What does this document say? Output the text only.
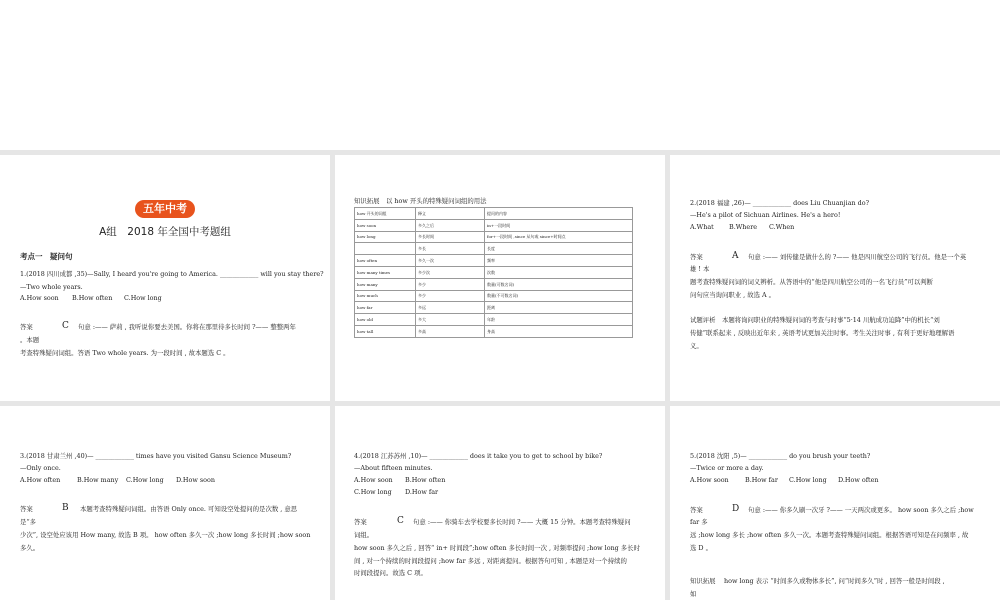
五年中考
A组　2018 年全国中考题组
考点一　疑问句
1.(2018 四川成都 ,35)—Sally, I heard you're going to America. ____________ will you stay there?
—Two whole years.
A.How soon B.How often C.How long
答案	C 句意 :—— 萨莉 , 我听说你要去美国。你将在那里待多长时间 ?—— 整整两年
。本题
考查特殊疑问词组。答语 Two whole years. 为一段时间 , 故本题选 C 。
知识拓展　以 how 开头的特殊疑问词组的用法
how 开头的词组	释义	提问的内容
how soon	多久之后	in+一段时间
how long	多长时间	for+一段时间 ,since 从句或 since+时间点
	多长	长度
how often	多久一次	频率
how many times	多少次	次数
how many	多少	数量(可数名词)
how much	多少	数量(不可数名词)
how far	多远	距离
how old	多大	年龄
how tall	多高	身高
2.(2018 福建 ,26)— ____________ does Liu Chuanjian do?
—He's a pilot of Sichuan Airlines. He's a hero!
A.What B.Where C.When
答案	A 句意 :—— 刘传健是做什么的 ?—— 他是四川航空公司的飞行员。他是一个英
雄 ! 本
题考查特殊疑问词的词义辨析。从答语中的“他是四川航空公司的一名飞行员”可以判断
问句应当询问职业 , 故选 A 。
试题评析　本题将询问职业的特殊疑问词的考查与时事“5·14 川航成功迫降”中的机长“刘
传健”联系起来 , 反映出近年来 , 英语考试更加关注时事。考生关注时事 , 有利于更好地理解语
义。
3.(2018 甘肃兰州 ,40)— ____________ times have you visited Gansu Science Museum?
—Only once.
A.How often	B.How many C.How long D.How soon
答案	B 本题考查特殊疑问词组。由答语 Only once. 可知设空处提问的是次数 , 意思
是“多
少次”, 设空处应该用 How many, 故选 B 项。 how often 多久一次 ;how long 多长时间 ;how soon
多久。
4.(2018 江苏苏州 ,10)— ____________ does it take you to get to school by bike?
—About fifteen minutes.
A.How soon B.How often
C.How long D.How far
答案	C 句意 :—— 你骑车去学校要多长时间 ?—— 大概 15 分钟。本题考查特殊疑问
词组。
how soon 多久之后 , 回答“ in+ 时间段”;how often 多长时间一次 , 对频率提问 ;how long 多长时
间 , 对一个持续的时间段提问 ;how far 多远 , 对距离提问。根据答句可知 , 本题是对一个持续的
时间段提问。故选 C 项。
5.(2018 沈阳 ,5)— ____________ do you brush your teeth?
—Twice or more a day.
A.How soon	B.How far C.How long D.How often
答案	D 句意 :—— 你多久刷一次牙 ?—— 一天两次或更多。 how soon 多久之后 ;how
far 多
远 ;how long 多长 ;how often 多久一次。本题考查特殊疑问词组。根据答语可知是在问频率 , 故
选 D 。
知识拓展　 how long 表示 “时间多久或物体多长”, 问“时间多久”时 , 回答一般是时间段 ,
如
